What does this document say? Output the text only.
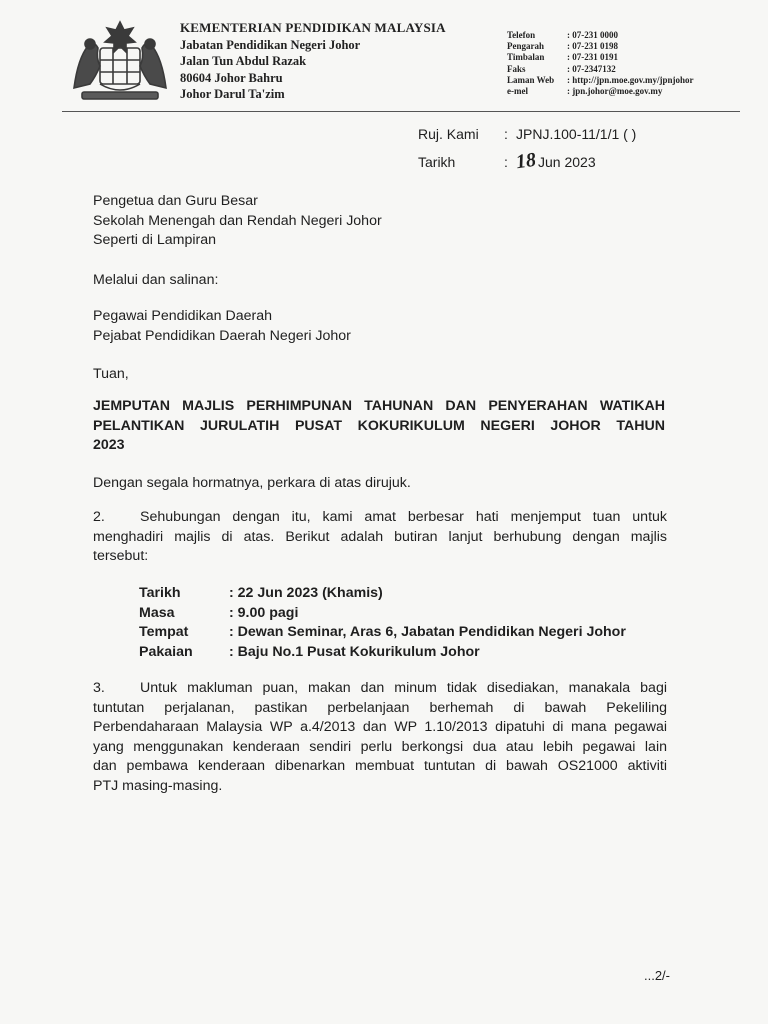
KEMENTERIAN PENDIDIKAN MALAYSIA
Jabatan Pendidikan Negeri Johor
Jalan Tun Abdul Razak
80604 Johor Bahru
Johor Darul Ta'zim
Telefon	: 07-231 0000
Pengarah	: 07-231 0198
Timbalan	: 07-231 0191
Faks	: 07-2347132
Laman Web : http://jpn.moe.gov.my/jpnjohor
e-mel	: jpn.johor@moe.gov.my
Ruj. Kami : JPNJ.100-11/1/1 ( )
Tarikh	: 18Jun 2023
Pengetua dan Guru Besar
Sekolah Menengah dan Rendah Negeri Johor
Seperti di Lampiran
Melalui dan salinan:
Pegawai Pendidikan Daerah
Pejabat Pendidikan Daerah Negeri Johor
Tuan,
JEMPUTAN MAJLIS PERHIMPUNAN TAHUNAN DAN PENYERAHAN WATIKAH
PELANTIKAN JURULATIH PUSAT KOKURIKULUM NEGERI JOHOR TAHUN
2023
Dengan segala hormatnya, perkara di atas dirujuk.
2. Sehubungan dengan itu, kami amat berbesar hati menjemput tuan untuk
menghadiri majlis di atas. Berikut adalah butiran lanjut berhubung dengan majlis
tersebut:
Tarikh	: 22 Jun 2023 (Khamis)
Masa	: 9.00 pagi
Tempat	: Dewan Seminar, Aras 6, Jabatan Pendidikan Negeri Johor
Pakaian	: Baju No.1 Pusat Kokurikulum Johor
3. Untuk makluman puan, makan dan minum tidak disediakan, manakala bagi
tuntutan perjalanan, pastikan perbelanjaan berhemah di bawah Pekeliling
Perbendaharaan Malaysia WP a.4/2013 dan WP 1.10/2013 dipatuhi di mana pegawai
yang menggunakan kenderaan sendiri perlu berkongsi dua atau lebih pegawai lain
dan pembawa kenderaan dibenarkan membuat tuntutan di bawah OS21000 aktiviti
PTJ masing-masing.
...2/-
